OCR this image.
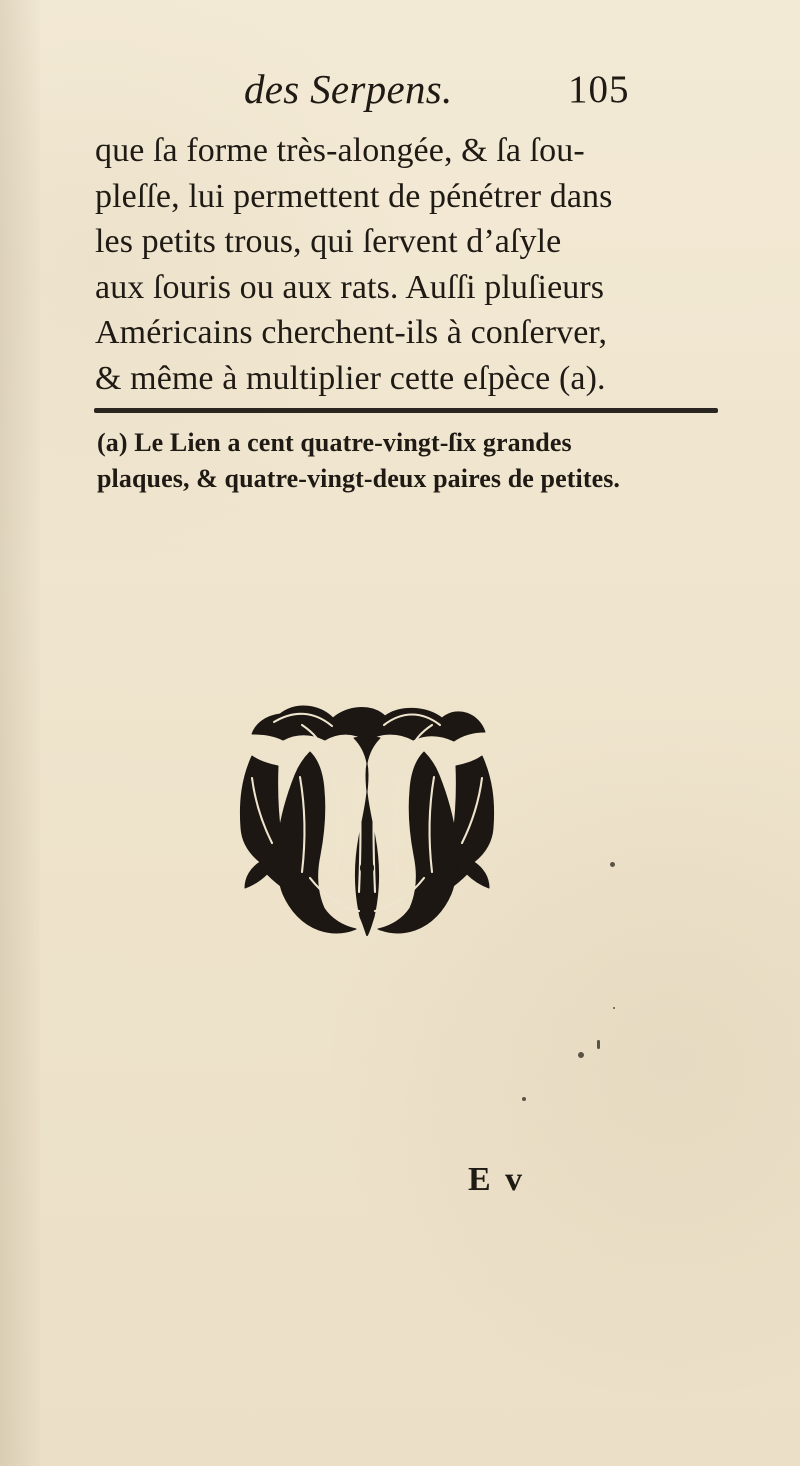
des Serpens.	105
que ſa forme très-alongée, & ſa ſou-
pleſſe, lui permettent de pénétrer dans
les petits trous, qui ſervent d’aſyle
aux ſouris ou aux rats. Auſſi pluſieurs
Américains cherchent-ils à conſerver,
& même à multiplier cette eſpèce (a).
(a) Le Lien a cent quatre-vingt-ſix grandes
plaques, & quatre-vingt-deux paires de petites.
E v
